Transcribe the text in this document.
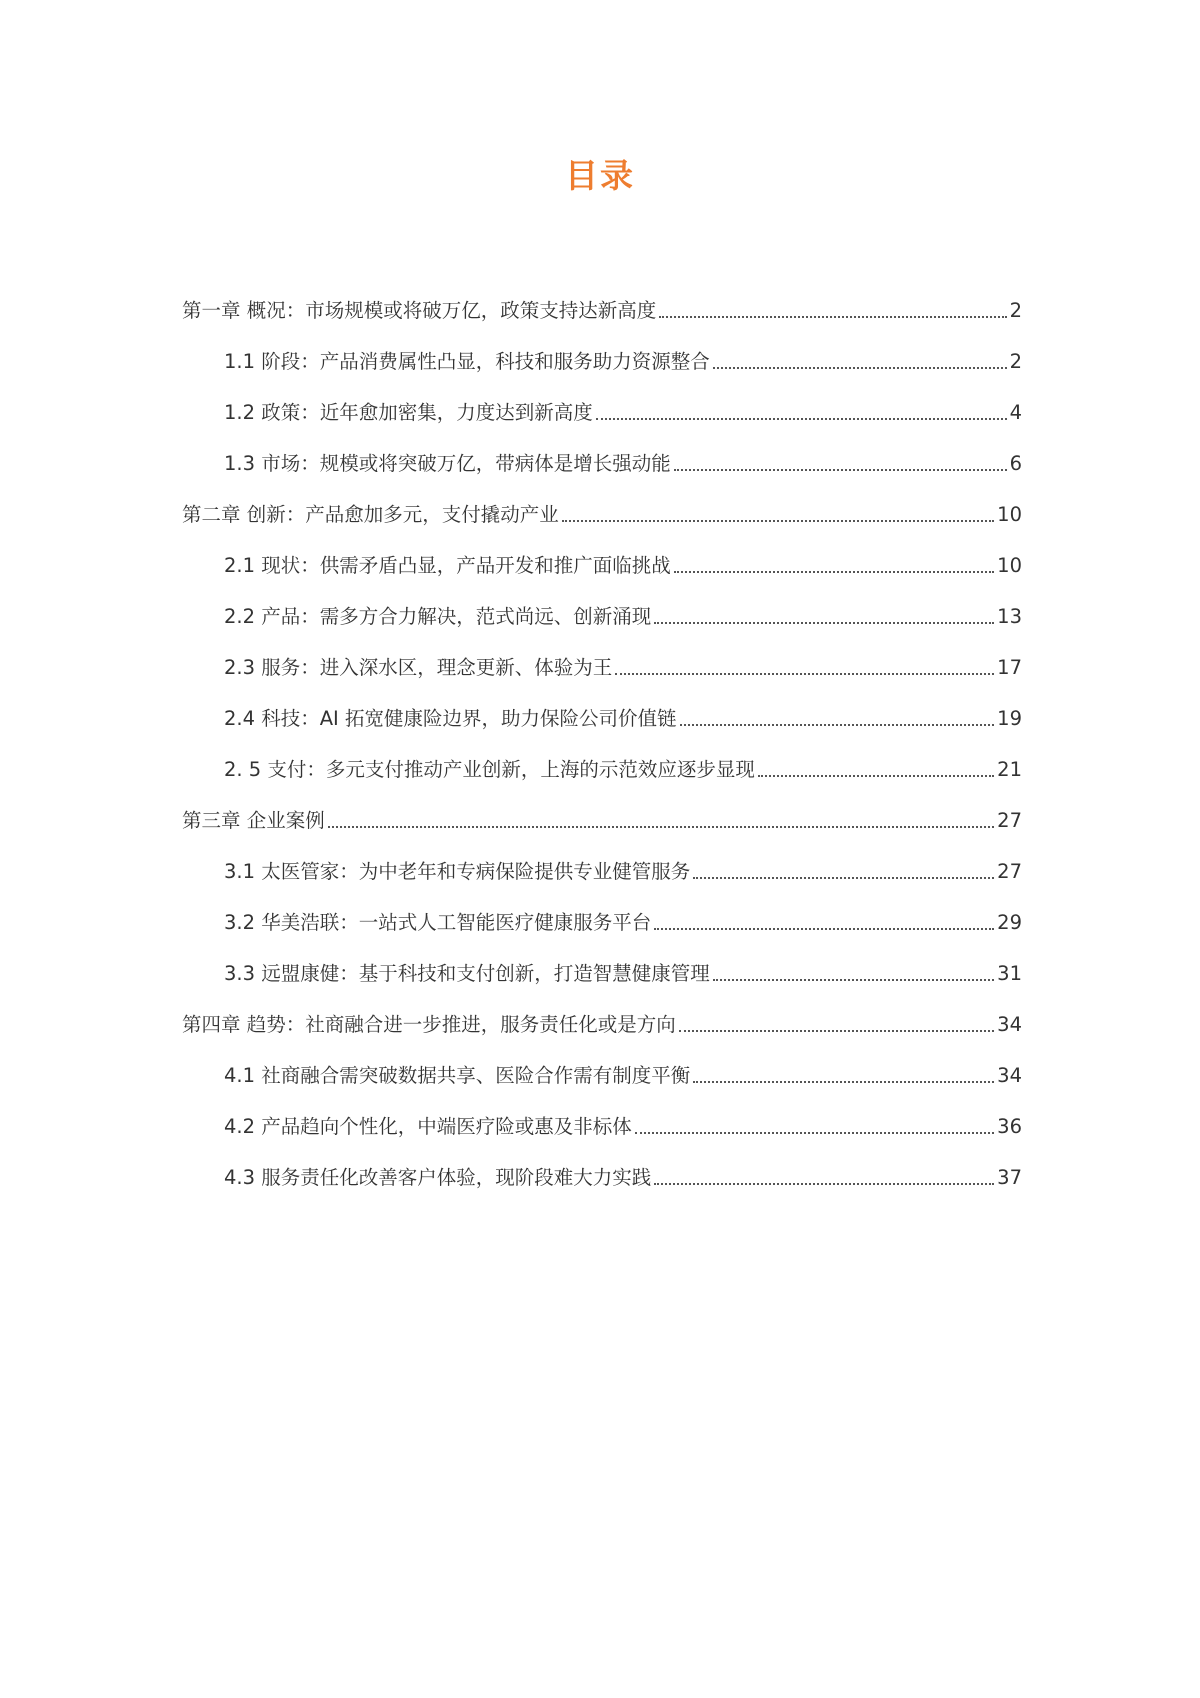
目录
第一章 概况：市场规模或将破万亿，政策支持达新高度	2
1.1 阶段：产品消费属性凸显，科技和服务助力资源整合	2
1.2 政策：近年愈加密集，力度达到新高度	4
1.3 市场：规模或将突破万亿，带病体是增长强动能	6
第二章 创新：产品愈加多元，支付撬动产业	10
2.1 现状：供需矛盾凸显，产品开发和推广面临挑战	10
2.2 产品：需多方合力解决，范式尚远、创新涌现	13
2.3 服务：进入深水区，理念更新、体验为王	17
2.4 科技：AI 拓宽健康险边界，助力保险公司价值链	19
2. 5 支付：多元支付推动产业创新，上海的示范效应逐步显现	21
第三章 企业案例	27
3.1 太医管家：为中老年和专病保险提供专业健管服务	27
3.2 华美浩联：一站式人工智能医疗健康服务平台	29
3.3 远盟康健：基于科技和支付创新，打造智慧健康管理	31
第四章 趋势：社商融合进一步推进，服务责任化或是方向	34
4.1 社商融合需突破数据共享、医险合作需有制度平衡	34
4.2 产品趋向个性化，中端医疗险或惠及非标体	36
4.3 服务责任化改善客户体验，现阶段难大力实践	37
